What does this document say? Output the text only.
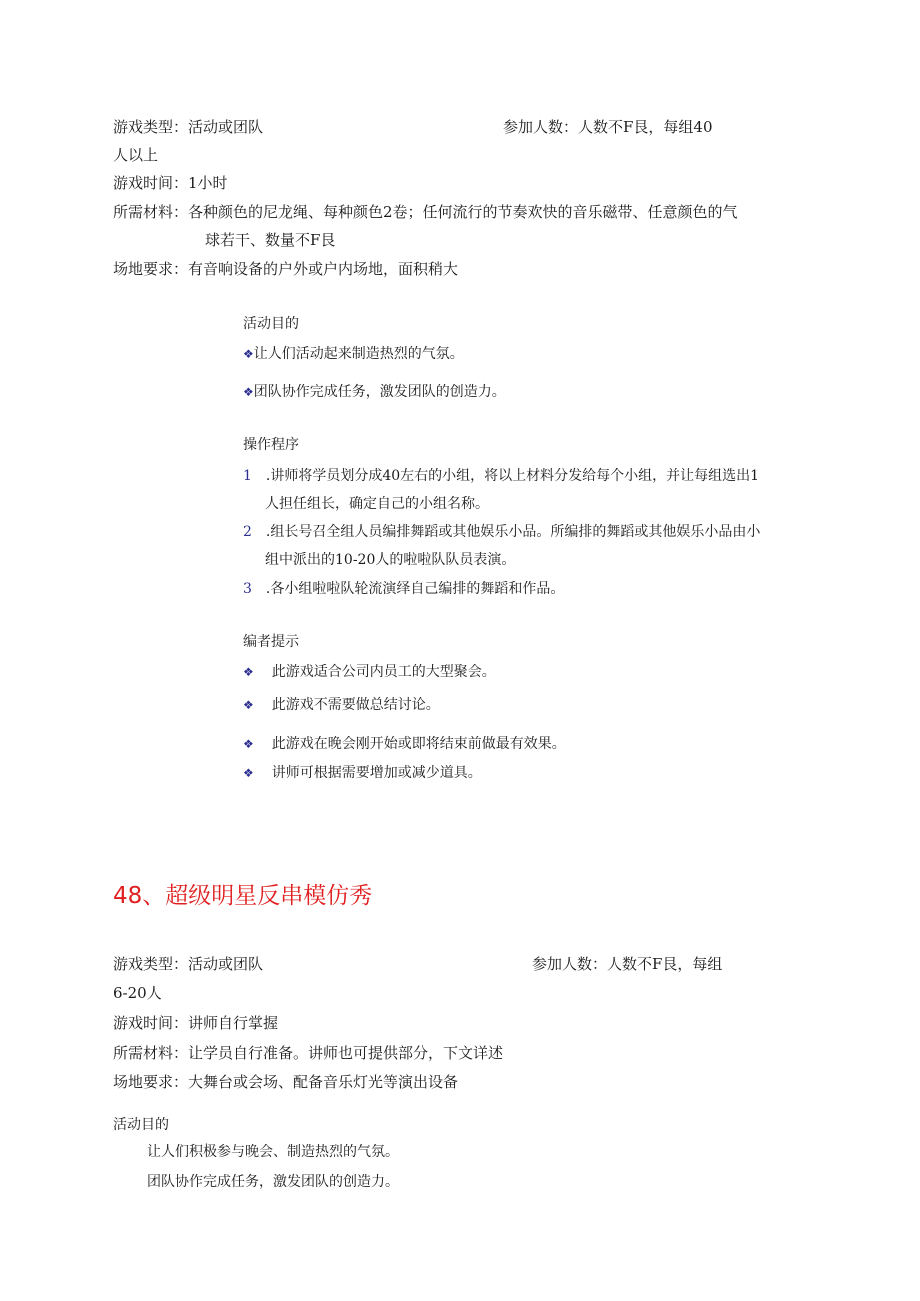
游戏类型：活动或团队	参加人数：人数不F艮，每组40
人以上
游戏时间：1小时
所需材料：各种颜色的尼龙绳、每种颜色2卷；任何流行的节奏欢快的音乐磁带、任意颜色的气
球若干、数量不F艮
场地要求：有音响设备的户外或户内场地，面积稍大
活动目的
❖让人们活动起来制造热烈的气氛。
❖团队协作完成任务，激发团队的创造力。
操作程序
1 .讲师将学员划分成40左右的小组，将以上材料分发给每个小组，并让每组选出1
人担任组长，确定自己的小组名称。
2 .组长号召全组人员编排舞蹈或其他娱乐小品。所编排的舞蹈或其他娱乐小品由小
组中派出的10-20人的啦啦队队员表演。
3 .各小组啦啦队轮流演绎自己编排的舞蹈和作品。
编者提示
❖ 此游戏适合公司内员工的大型聚会。
❖ 此游戏不需要做总结讨论。
❖ 此游戏在晚会刚开始或即将结束前做最有效果。
❖ 讲师可根据需要增加或减少道具。
48、超级明星反串模仿秀
游戏类型：活动或团队	参加人数：人数不F艮，每组
6-20人
游戏时间：讲师自行掌握
所需材料：让学员自行准备。讲师也可提供部分，下文详述
场地要求：大舞台或会场、配备音乐灯光等演出设备
活动目的
让人们积极参与晚会、制造热烈的气氛。
团队协作完成任务，激发团队的创造力。
